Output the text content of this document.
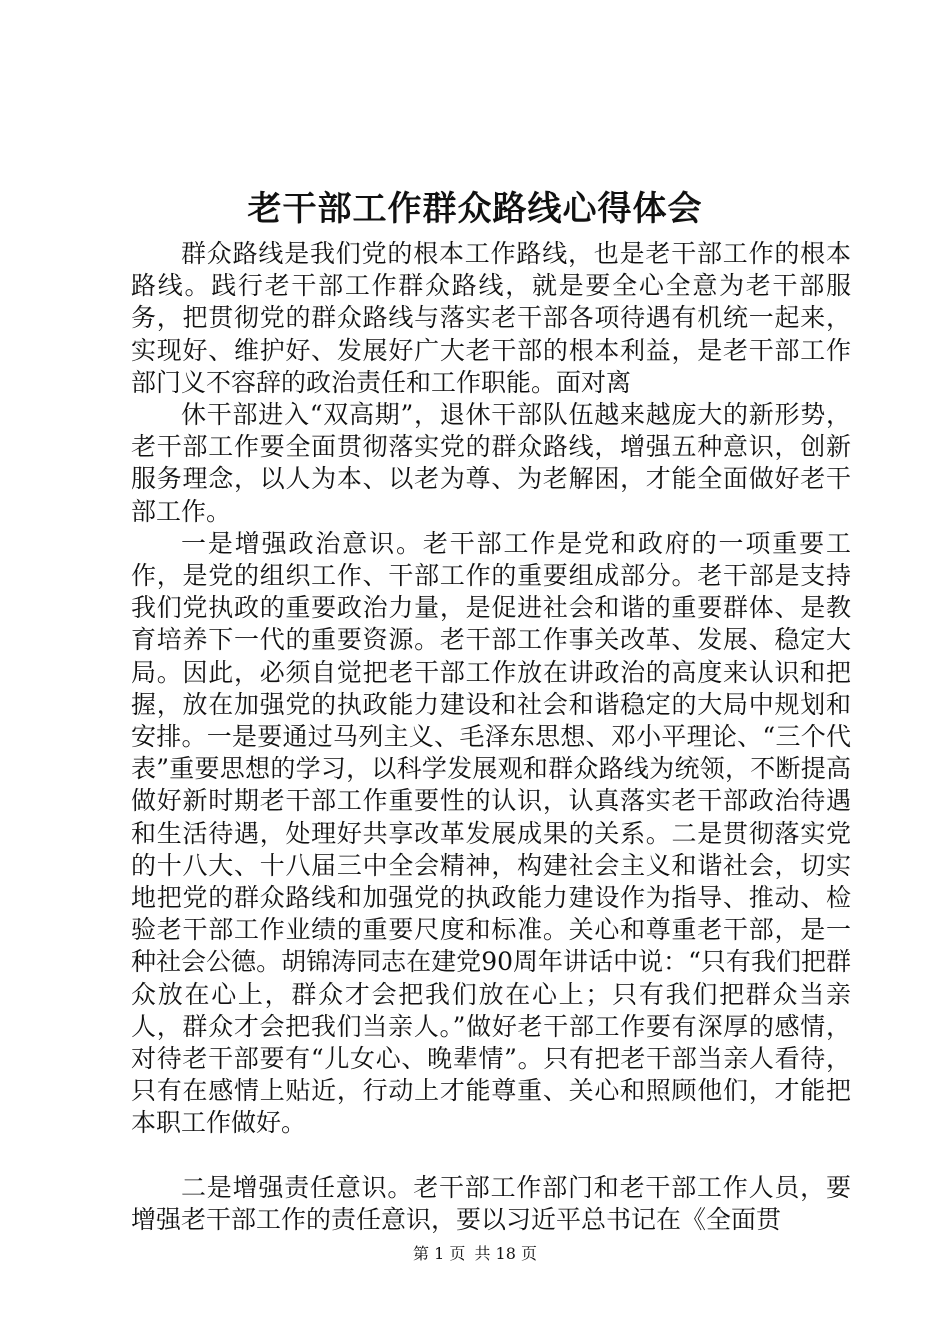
老干部工作群众路线心得体会

群众路线是我们党的根本工作路线，也是老干部工作的根本路线。践行老干部工作群众路线，就是要全心全意为老干部服务，把贯彻党的群众路线与落实老干部各项待遇有机统一起来，实现好、维护好、发展好广大老干部的根本利益，是老干部工作部门义不容辞的政治责任和工作职能。面对离

休干部进入“双高期”，退休干部队伍越来越庞大的新形势，老干部工作要全面贯彻落实党的群众路线，增强五种意识，创新服务理念，以人为本、以老为尊、为老解困，才能全面做好老干部工作。

一是增强政治意识。老干部工作是党和政府的一项重要工作，是党的组织工作、干部工作的重要组成部分。老干部是支持我们党执政的重要政治力量，是促进社会和谐的重要群体、是教育培养下一代的重要资源。老干部工作事关改革、发展、稳定大局。因此，必须自觉把老干部工作放在讲政治的高度来认识和把握，放在加强党的执政能力建设和社会和谐稳定的大局中规划和安排。一是要通过马列主义、毛泽东思想、邓小平理论、“三个代表”重要思想的学习，以科学发展观和群众路线为统领，不断提高做好新时期老干部工作重要性的认识，认真落实老干部政治待遇和生活待遇，处理好共享改革发展成果的关系。二是贯彻落实党的十八大、十八届三中全会精神，构建社会主义和谐社会，切实地把党的群众路线和加强党的执政能力建设作为指导、推动、检验老干部工作业绩的重要尺度和标准。关心和尊重老干部，是一种社会公德。胡锦涛同志在建党90周年讲话中说：“只有我们把群众放在心上，群众才会把我们放在心上；只有我们把群众当亲人，群众才会把我们当亲人。”做好老干部工作要有深厚的感情，对待老干部要有“儿女心、晚辈情”。只有把老干部当亲人看待，只有在感情上贴近，行动上才能尊重、关心和照顾他们，才能把本职工作做好。

二是增强责任意识。老干部工作部门和老干部工作人员，要增强老干部工作的责任意识，要以习近平总书记在《全面贯

第 1 页 共 18 页
